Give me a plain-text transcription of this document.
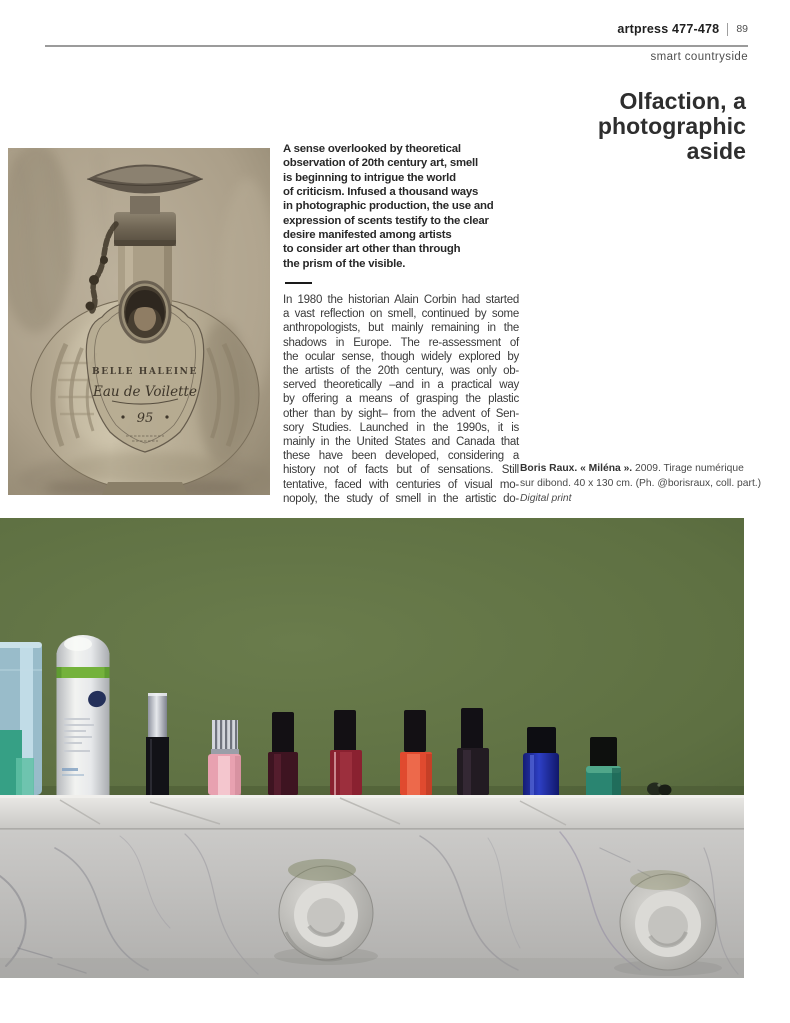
artpress 477-478 89
smart countryside
Olfaction, a
photographic
aside
BELLE HALEINE
Eau de Voilette
95

A sense overlooked by theoretical
observation of 20th century art, smell
is beginning to intrigue the world
of criticism. Infused a thousand ways
in photographic production, the use and
expression of scents testify to the clear
desire manifested among artists
to consider art other than through
the prism of the visible.

In 1980 the historian Alain Corbin had started
a vast reflection on smell, continued by some
anthropologists, but mainly remaining in the
shadows in Europe. The re-assessment of
the ocular sense, though widely explored by
the artists of the 20th century, was only ob-
served theoretically –and in a practical way
by offering a means of grasping the plastic
other than by sight– from the advent of Sen-
sory Studies. Launched in the 1990s, it is
mainly in the United States and Canada that
these have been developed, considering a
history not of facts but of sensations. Still
tentative, faced with centuries of visual mo-
nopoly, the study of smell in the artistic do-
Boris Raux. « Miléna ». 2009. Tirage numérique
sur dibond. 40 x 130 cm. (Ph. @borisraux, coll. part.)
Digital print
